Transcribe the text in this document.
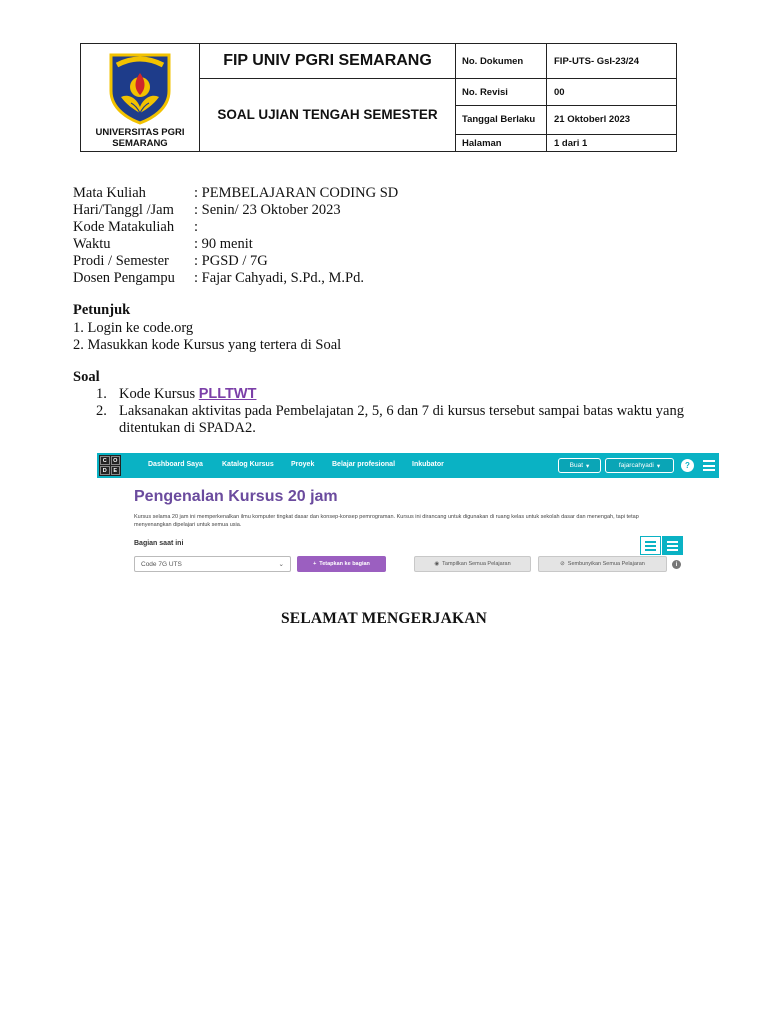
UNIVERSITAS PGRI SEMARANG
FIP UNIV PGRI SEMARANG
SOAL UJIAN TENGAH SEMESTER
No. Dokumen	FIP-UTS- GsI-23/24
No. Revisi	00
Tanggal Berlaku	21 Oktoberl 2023
Halaman	1 dari 1
Mata Kuliah	: PEMBELAJARAN CODING SD
Hari/Tanggl /Jam	: Senin/ 23 Oktober 2023
Kode Matakuliah	:
Waktu	: 90 menit
Prodi / Semester	: PGSD / 7G
Dosen Pengampu	: Fajar Cahyadi, S.Pd., M.Pd.
Petunjuk
1. Login ke code.org
2. Masukkan kode Kursus yang tertera di Soal
Soal
1. Kode Kursus PLLTWT
2. Laksanakan aktivitas pada Pembelajatan 2, 5, 6 dan 7 di kursus tersebut sampai batas waktu yang ditentukan di SPADA2.
C	O
D	E
Dashboard Saya	Katalog Kursus Proyek	Belajar profesional Inkubator	Buat ▾	fajarcahyadi ▾	?
Pengenalan Kursus 20 jam
Kursus selama 20 jam ini memperkenalkan ilmu komputer tingkat dasar dan konsep-konsep pemrograman. Kursus ini dirancang untuk digunakan di ruang kelas untuk sekolah dasar dan menengah, tapi tetap menyenangkan dipelajari untuk semua usia.
Bagian saat ini
Code 7G UTS	⌄	+ Tetapkan ke bagian	◉ Tampilkan Semua Pelajaran	⊘ Sembunyikan Semua Pelajaran	i
SELAMAT MENGERJAKAN
